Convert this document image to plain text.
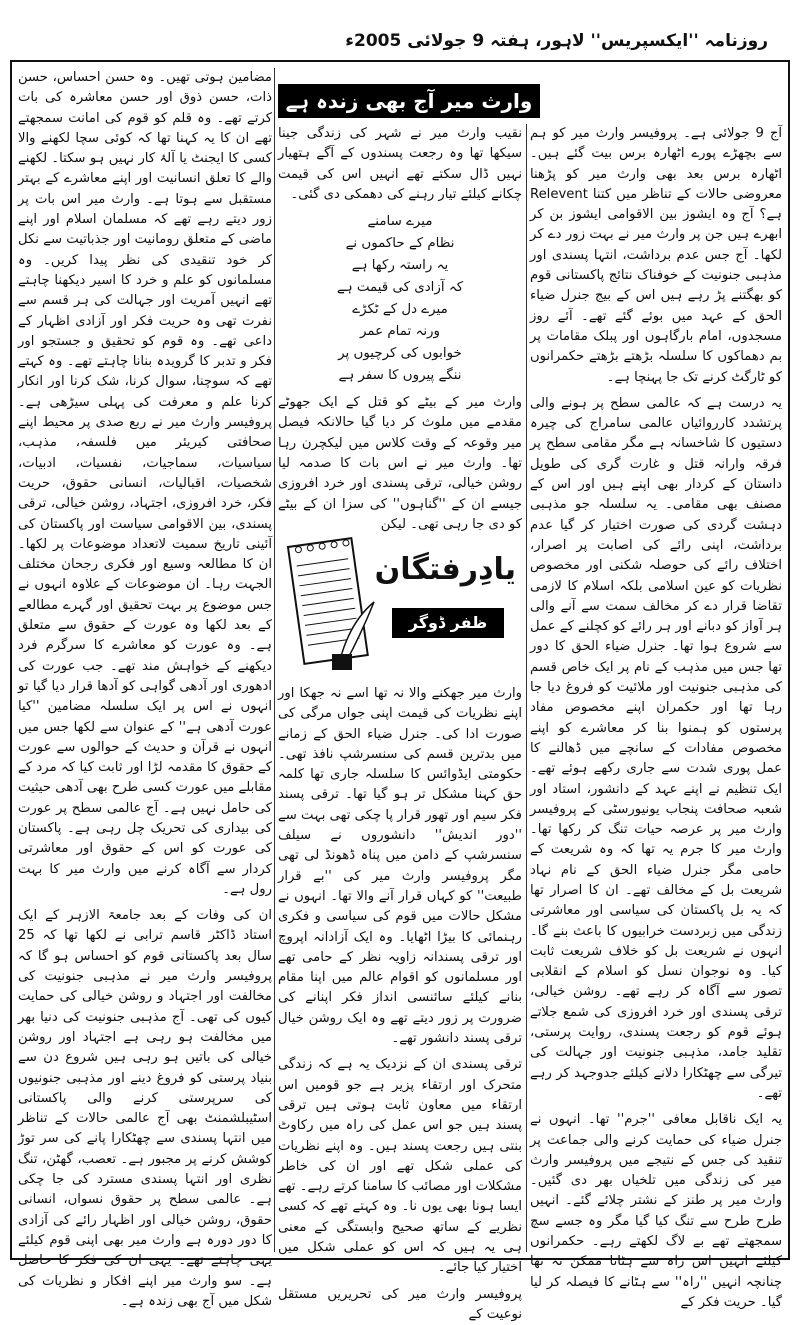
روزنامہ ''ایکسپریس'' لاہور، ہفتہ 9 جولائی 2005ء
وارث میر آج بھی زندہ ہے

آج 9 جولائی ہے۔ پروفیسر وارث میر کو ہم سے بچھڑے پورے اٹھارہ برس بیت گئے ہیں۔ اٹھارہ برس بعد بھی وارث میر کو پڑھنا معروضی حالات کے تناظر میں کتنا Relevent ہے؟ آج وہ ایشوز بین الاقوامی ایشوز بن کر ابھرے ہیں جن پر وارث میر نے بہت زور دے کر لکھا۔ آج جس عدم برداشت، انتہا پسندی اور مذہبی جنونیت کے خوفناک نتائج پاکستانی قوم کو بھگتنے پڑ رہے ہیں اس کے بیج جنرل ضیاء الحق کے عہد میں بوئے گئے تھے۔ آئے روز مسجدوں، امام بارگاہوں اور پبلک مقامات پر بم دھماکوں کا سلسلہ بڑھتے بڑھتے حکمرانوں کو ٹارگٹ کرنے تک جا پہنچا ہے۔

یہ درست ہے کہ عالمی سطح پر ہونے والی پرتشدد کارروائیاں عالمی سامراج کی چیرہ دستیوں کا شاخسانہ ہے مگر مقامی سطح پر فرقہ وارانہ قتل و غارت گری کی طویل داستان کے کردار بھی اپنے ہیں اور اس کے مصنف بھی مقامی۔ یہ سلسلہ جو مذہبی دہشت گردی کی صورت اختیار کر گیا عدم برداشت، اپنی رائے کی اصابت پر اصرار، اختلاف رائے کی حوصلہ شکنی اور مخصوص نظریات کو عین اسلامی بلکہ اسلام کا لازمی تقاضا قرار دے کر مخالف سمت سے آنے والی ہر آواز کو دبانے اور ہر رائے کو کچلنے کے عمل سے شروع ہوا تھا۔ جنرل ضیاء الحق کا دور تھا جس میں مذہب کے نام پر ایک خاص قسم کی مذہبی جنونیت اور ملائیت کو فروغ دیا جا رہا تھا اور حکمران اپنے مخصوص مفاد پرستوں کو ہمنوا بنا کر معاشرے کو اپنے مخصوص مفادات کے سانچے میں ڈھالنے کا عمل پوری شدت سے جاری رکھے ہوئے تھے۔ ایک تنظیم نے اپنے عہد کے دانشور، استاد اور شعبہ صحافت پنجاب یونیورسٹی کے پروفیسر وارث میر پر عرصہ حیات تنگ کر رکھا تھا۔ وارث میر کا جرم یہ تھا کہ وہ شریعت کے حامی مگر جنرل ضیاء الحق کے نام نہاد شریعت بل کے مخالف تھے۔ ان کا اصرار تھا کہ یہ بل پاکستان کی سیاسی اور معاشرتی زندگی میں زبردست خرابیوں کا باعث بنے گا۔ انہوں نے شریعت بل کو خلاف شریعت ثابت کیا۔ وہ نوجوان نسل کو اسلام کے انقلابی تصور سے آگاہ کر رہے تھے۔ روشن خیالی، ترقی پسندی اور خرد افروزی کی شمع جلاتے ہوئے قوم کو رجعت پسندی، روایت پرستی، تقلید جامد، مذہبی جنونیت اور جہالت کی تیرگی سے چھٹکارا دلانے کیلئے جدوجہد کر رہے تھے۔

یہ ایک ناقابل معافی ''جرم'' تھا۔ انہوں نے جنرل ضیاء کی حمایت کرنے والی جماعت پر تنقید کی جس کے نتیجے میں پروفیسر وارث میر کی زندگی میں تلخیاں بھر دی گئیں۔ وارث میر پر طنز کے نشتر چلائے گئے۔ انہیں طرح طرح سے تنگ کیا گیا مگر وہ جسے سچ سمجھتے تھے بے لاگ لکھتے رہے۔ حکمرانوں کیلئے انہیں اس راہ سے ہٹانا ممکن نہ تھا چنانچہ انہیں ''راہ'' سے ہٹانے کا فیصلہ کر لیا گیا۔ حریت فکر کے

نقیب وارث میر نے شہر کی زندگی جینا سیکھا تھا وہ رجعت پسندوں کے آگے ہتھیار نہیں ڈال سکتے تھے انہیں اس کی قیمت چکانے کیلئے تیار رہنے کی دھمکی دی گئی۔

میرے سامنے
نظام کے حاکموں نے
یہ راستہ رکھا ہے
کہ آزادی کی قیمت ہے
میرے دل کے ٹکڑے
ورنہ تمام عمر
خوابوں کی کرچیوں پر
ننگے پیروں کا سفر ہے

وارث میر کے بیٹے کو قتل کے ایک جھوٹے مقدمے میں ملوث کر دیا گیا حالانکہ فیصل میر وقوعہ کے وقت کلاس میں لیکچرن رہا تھا۔ وارث میر نے اس بات کا صدمہ لیا روشن خیالی، ترقی پسندی اور خرد افروزی جیسے ان کے ''گناہوں'' کی سزا ان کے بیٹے کو دی جا رہی تھی۔ لیکن

وارث میر جھکنے والا نہ تھا اسے نہ جھکا اور اپنے نظریات کی قیمت اپنی جواں مرگی کی صورت ادا کی۔ جنرل ضیاء الحق کے زمانے میں بدترین قسم کی سنسرشپ نافذ تھی۔ حکومتی ایڈوائس کا سلسلہ جاری تھا کلمہ حق کہنا مشکل تر ہو گیا تھا۔ ترقی پسند فکر سیم اور تھور قرار پا چکی تھی بہت سے ''دور اندیش'' دانشوروں نے سیلف سنسرشپ کے دامن میں پناہ ڈھونڈ لی تھی مگر پروفیسر وارث میر کی ''بے قرار طبیعت'' کو کہاں قرار آنے والا تھا۔ انہوں نے مشکل حالات میں قوم کی سیاسی و فکری رہنمائی کا بیڑا اٹھایا۔ وہ ایک آزادانہ اپروچ اور ترقی پسندانہ زاویہ نظر کے حامی تھے اور مسلمانوں کو اقوام عالم میں اپنا مقام بنانے کیلئے سائنسی انداز فکر اپنانے کی ضرورت پر زور دیتے تھے وہ ایک روشن خیال ترقی پسند دانشور تھے۔

ترقی پسندی ان کے نزدیک یہ ہے کہ زندگی متحرک اور ارتقاء پزیر ہے جو قومیں اس ارتقاء میں معاون ثابت ہوتی ہیں ترقی پسند ہیں جو اس عمل کی راہ میں رکاوٹ بنتی ہیں رجعت پسند ہیں۔ وہ اپنے نظریات کی عملی شکل تھے اور ان کی خاطر مشکلات اور مصائب کا سامنا کرتے رہے۔ تھے ایسا ہونا بھی یوں نا۔ وہ کہتے تھے کہ کسی نظریے کے ساتھ صحیح وابستگی کے معنی ہی یہ ہیں کہ اس کو عملی شکل میں اختیار کیا جائے۔

پروفیسر وارث میر کی تحریریں مستقل نوعیت کے

یادِرفتگان
ظفر ڈوگر

مضامین ہوتی تھیں۔ وہ حسن احساس، حسن ذات، حسن ذوق اور حسن معاشرہ کی بات کرتے تھے۔ وہ قلم کو قوم کی امانت سمجھتے تھے ان کا یہ کہنا تھا کہ کوئی سچا لکھنے والا کسی کا ایجنٹ یا آلۂ کار نہیں ہو سکتا۔ لکھنے والے کا تعلق انسانیت اور اپنے معاشرے کے بہتر مستقبل سے ہوتا ہے۔ وارث میر اس بات پر زور دیتے رہے تھے کہ مسلمان اسلام اور اپنے ماضی کے متعلق رومانیت اور جذباتیت سے نکل کر خود تنقیدی کی نظر پیدا کریں۔ وہ مسلمانوں کو علم و خرد کا اسیر دیکھنا چاہتے تھے انہیں آمریت اور جہالت کی ہر قسم سے نفرت تھی وہ حریت فکر اور آزادی اظہار کے داعی تھے۔ وہ قوم کو تحقیق و جستجو اور فکر و تدبر کا گرویدہ بنانا چاہتے تھے۔ وہ کہتے تھے کہ سوچنا، سوال کرنا، شک کرنا اور انکار کرنا علم و معرفت کی پہلی سیڑھی ہے۔ پروفیسر وارث میر نے ربع صدی پر محیط اپنے صحافتی کیریئر میں فلسفہ، مذہب، سیاسیات، سماجیات، نفسیات، ادبیات، شخصیات، اقبالیات، انسانی حقوق، حریت فکر، خرد افروزی، اجتہاد، روشن خیالی، ترقی پسندی، بین الاقوامی سیاست اور پاکستان کی آئینی تاریخ سمیت لاتعداد موضوعات پر لکھا۔ ان کا مطالعہ وسیع اور فکری رجحان مختلف الجہت رہا۔ ان موضوعات کے علاوہ انہوں نے جس موضوع پر بہت تحقیق اور گہرے مطالعے کے بعد لکھا وہ عورت کے حقوق سے متعلق ہے۔ وہ عورت کو معاشرے کا سرگرم فرد دیکھنے کے خواہش مند تھے۔ جب عورت کی ادھوری اور آدھی گواہی کو آدھا قرار دیا گیا تو انہوں نے اس پر ایک سلسلہ مضامین ''کیا عورت آدھی ہے'' کے عنوان سے لکھا جس میں انہوں نے قرآن و حدیث کے حوالوں سے عورت کے حقوق کا مقدمہ لڑا اور ثابت کیا کہ مرد کے مقابلے میں عورت کسی طرح بھی آدھی حیثیت کی حامل نہیں ہے۔ آج عالمی سطح پر عورت کی بیداری کی تحریک چل رہی ہے۔ پاکستان کی عورت کو اس کے حقوق اور معاشرتی کردار سے آگاہ کرنے میں وارث میر کا بہت رول ہے۔

ان کی وفات کے بعد جامعۃ الازہر کے ایک استاد ڈاکٹر قاسم ترابی نے لکھا تھا کہ 25 سال بعد پاکستانی قوم کو احساس ہو گا کہ پروفیسر وارث میر نے مذہبی جنونیت کی مخالفت اور اجتہاد و روشن خیالی کی حمایت کیوں کی تھی۔ آج مذہبی جنونیت کی دنیا بھر میں مخالفت ہو رہی ہے اجتہاد اور روشن خیالی کی باتیں ہو رہی ہیں شروع دن سے بنیاد پرستی کو فروغ دینے اور مذہبی جنونیوں کی سرپرستی کرنے والی پاکستانی اسٹیبلشمنٹ بھی آج عالمی حالات کے تناظر میں انتہا پسندی سے چھٹکارا پانے کی سر توڑ کوشش کرنے پر مجبور ہے۔ تعصب، گھٹن، تنگ نظری اور انتہا پسندی مسترد کی جا چکی ہے۔ عالمی سطح پر حقوق نسواں، انسانی حقوق، روشن خیالی اور اظہار رائے کی آزادی کا دور دورہ ہے وارث میر بھی اپنی قوم کیلئے یہی چاہتے تھے۔ یہی ان کی فکر کا حاصل ہے۔ سو وارث میر اپنے افکار و نظریات کی شکل میں آج بھی زندہ ہے۔
